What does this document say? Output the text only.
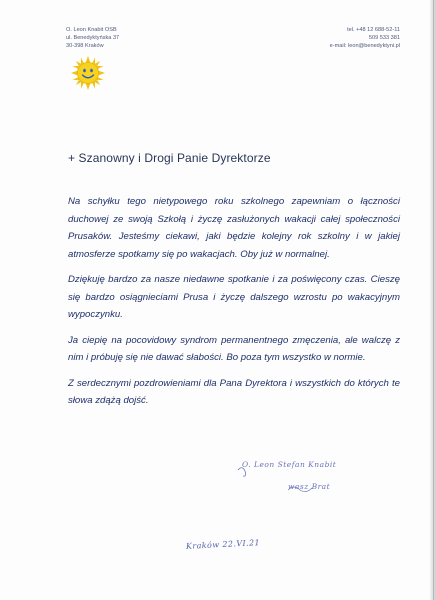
O. Leon Knabit OSB
ul. Benedyktyńska 37
30-398 Kraków
tel. +48 12 688-52-11
509 533 381
e-mail: leon@benedyktyni.pl
+ Szanowny i Drogi Panie Dyrektorze

Na schyłku tego nietypowego roku szkolnego zapewniam o łączności duchowej ze swoją Szkołą i życzę zasłużonych wakacji całej społeczności Prusaków. Jesteśmy ciekawi, jaki będzie kolejny rok szkolny i w jakiej atmosferze spotkamy się po wakacjach. Oby już w normalnej.

Dziękuję bardzo za nasze niedawne spotkanie i za poświęcony czas. Cieszę się bardzo osiągnieciami Prusa i życzę dalszego wzrostu po wakacyjnym wypoczynku.

Ja ciepię na pocovidowy syndrom permanentnego zmęczenia, ale walczę z nim i próbuję się nie dawać słabości. Bo poza tym wszystko w normie.

Z serdecznymi pozdrowieniami dla Pana Dyrektora i wszystkich do których te słowa zdążą dojść.

O. Leon Stefan Knabit
wasz Brat
Kraków 22.VI.21
